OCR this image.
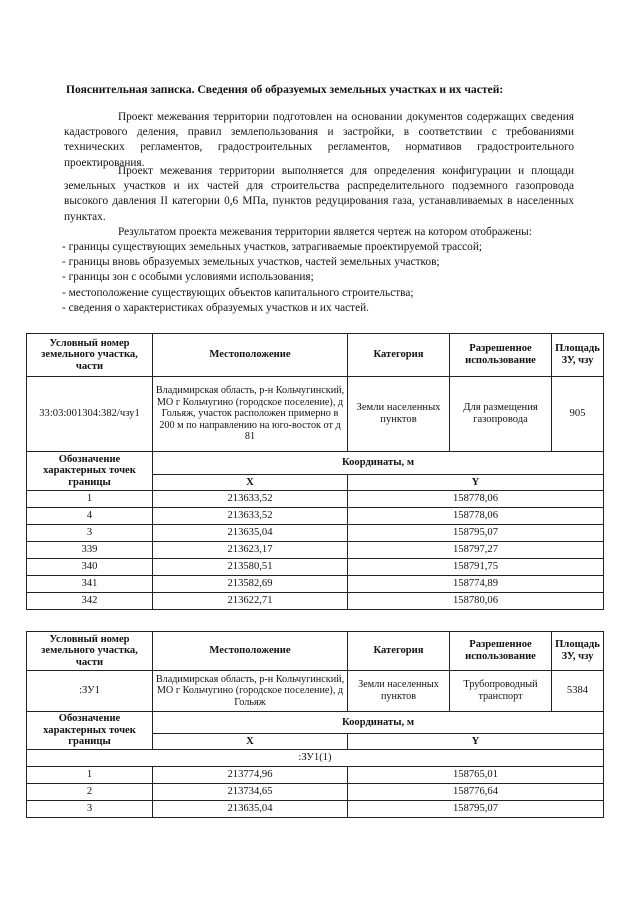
Пояснительная записка. Сведения об образуемых земельных участках и их частей:

Проект межевания территории подготовлен на основании документов содержащих сведения кадастрового деления, правил землепользования и застройки, в соответствии с требованиями технических регламентов, градостроительных регламентов, нормативов градостроительного проектирования.

Проект межевания территории выполняется для определения конфигурации и площади земельных участков и их частей для строительства распределительного подземного газопровода высокого давления II категории 0,6 МПа, пунктов редуцирования газа, устанавливаемых в населенных пунктах.

Результатом проекта межевания территории является чертеж на котором отображены:

- границы существующих земельных участков, затрагиваемые проектируемой трассой;
- границы вновь образуемых земельных участков, частей земельных участков;
- границы зон с особыми условиями использования;
- местоположение существующих объектов капитального строительства;
- сведения о характеристиках образуемых участков и их частей.
Условный номер земельного участка, части	Местоположение	Категория	Разрешенное использование	Площадь ЗУ, чзу
33:03:001304:382/чзу1	Владимирская область, р-н Кольчугинский, МО г Кольчугино (городское поселение), д Гольяж, участок расположен примерно в 200 м по направлению на юго-восток от д 81	Земли населенных пунктов	Для размещения газопровода	905
Обозначение характерных точек границы	Координаты, м			
	X	Y		
1	213633,52	158778,06		
4	213633,52	158778,06		
3	213635,04	158795,07		
339	213623,17	158797,27		
340	213580,51	158791,75		
341	213582,69	158774,89		
342	213622,71	158780,06		
Условный номер земельного участка, части	Местоположение	Категория	Разрешенное использование	Площадь ЗУ, чзу
:ЗУ1	Владимирская область, р-н Кольчугинский, МО г Кольчугино (городское поселение), д Гольяж	Земли населенных пунктов	Трубопроводный транспорт	5384
Обозначение характерных точек границы	Координаты, м			
	X	Y		
:ЗУ1(1)				
1	213774,96	158765,01		
2	213734,65	158776,64		
3	213635,04	158795,07		
